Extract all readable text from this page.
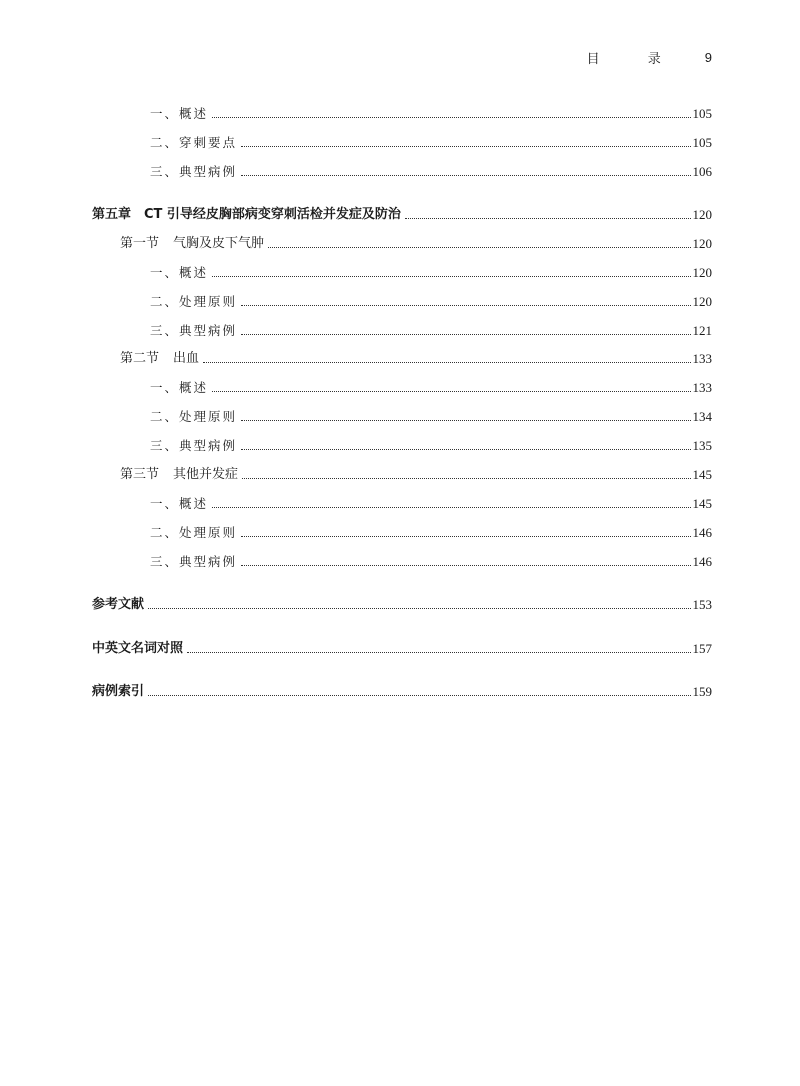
目 录 9
一、概述	105
二、穿刺要点	105
三、典型病例	106
第五章　CT 引导经皮胸部病变穿刺活检并发症及防治	120
第一节 气胸及皮下气肿	120
一、概述	120
二、处理原则	120
三、典型病例	121
第二节 出血	133
一、概述	133
二、处理原则	134
三、典型病例	135
第三节 其他并发症	145
一、概述	145
二、处理原则	146
三、典型病例	146
参考文献	153
中英文名词对照	157
病例索引	159
